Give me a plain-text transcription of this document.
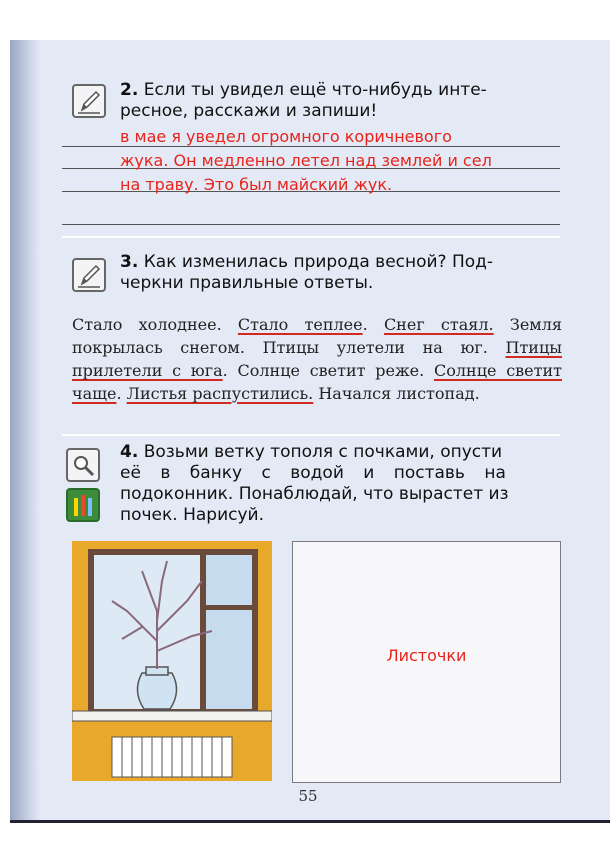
2. Если ты увидел ещё что-нибудь инте-
ресное, расскажи и запиши!
в мае я уведел огромного коричневого
жука. Он медленно летел над землей и сел
на траву. Это был майский жук.
3. Как изменилась природа весной? Под-
черкни правильные ответы.
Стало холоднее. Стало теплее. Снег стаял. Земля покрылась снегом. Птицы улетели на юг. Птицы прилетели с юга. Солнце светит реже. Солнце светит чаще. Листья распустились. Начался листопад.
4. Возьми ветку тополя с почками, опусти
её в банку с водой и поставь на
подоконник. Понаблюдай, что вырастет из
почек. Нарисуй.
Листочки
55
